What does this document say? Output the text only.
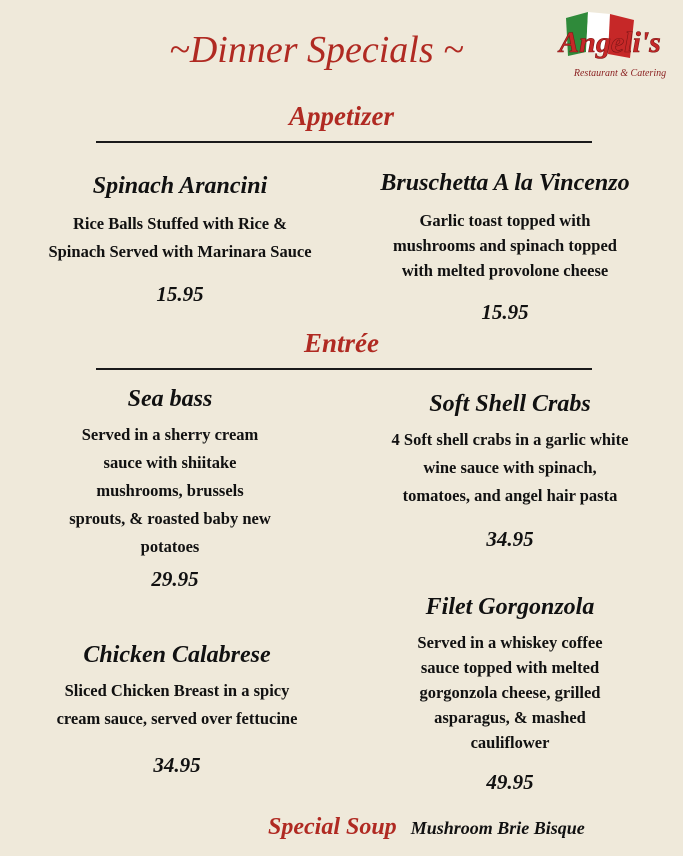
~Dinner Specials ~	Angeli's
Restaurant & Catering
Appetizer
Spinach Arancini
Rice Balls Stuffed with Rice &
Spinach Served with Marinara Sauce
15.95
Bruschetta A la Vincenzo
Garlic toast topped with
mushrooms and spinach topped
with melted provolone cheese
15.95
Entrée
Sea bass
Served in a sherry cream
sauce with shiitake
mushrooms, brussels
sprouts, & roasted baby new
potatoes
29.95
Soft Shell Crabs
4 Soft shell crabs in a garlic white
wine sauce with spinach,
tomatoes, and angel hair pasta
34.95
Chicken Calabrese
Sliced Chicken Breast in a spicy
cream sauce, served over fettucine
34.95
Filet Gorgonzola
Served in a whiskey coffee
sauce topped with melted
gorgonzola cheese, grilled
asparagus, & mashed
cauliflower
49.95
Special Soup Mushroom Brie Bisque
